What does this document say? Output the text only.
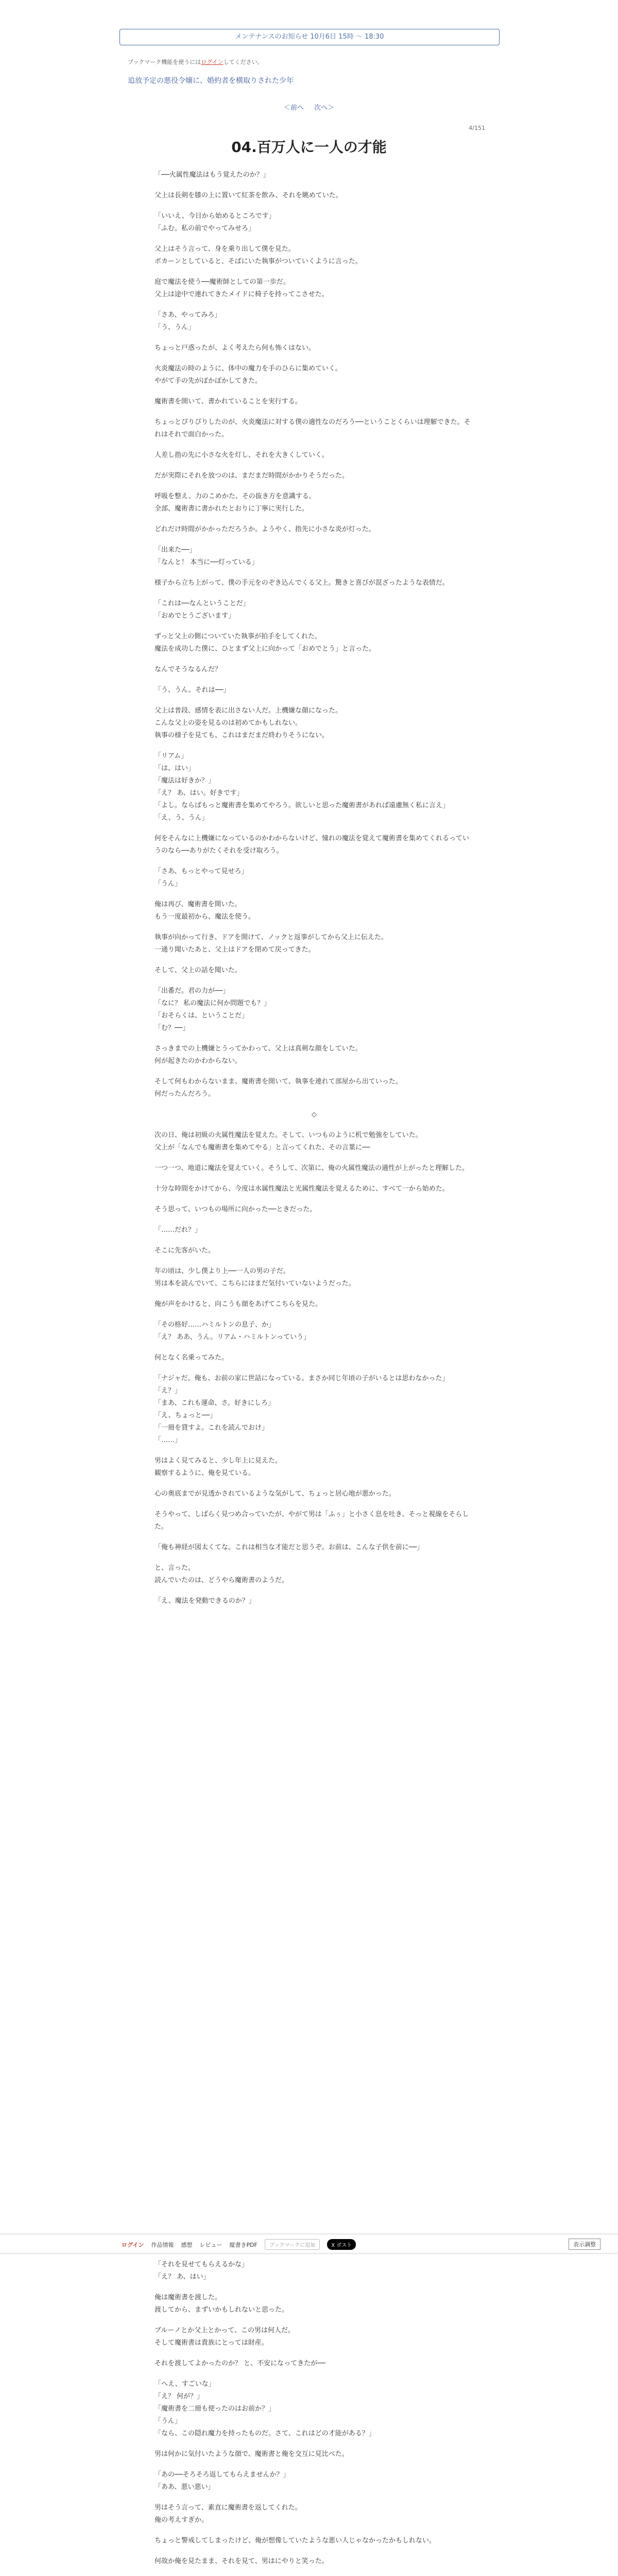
メンテナンスのお知らせ 10月6日 15時 ～ 18:30
ブックマーク機能を使うにはログインしてください。
追放予定の悪役令嬢に、婚約者を横取りされた少年
＜前へ 次へ＞
4/151
04.百万人に一人の才能

「──火属性魔法はもう覚えたのか？」

父上は長剣を膝の上に置いて紅茶を飲み、それを眺めていた。

「いいえ、今日から始めるところです」
「ふむ。私の前でやってみせろ」

父上はそう言って、身を乗り出して僕を見た。
ボカーンとしていると、そばにいた執事がついていくように言った。

庭で魔法を使う──魔術師としての第一歩だ。
父上は途中で連れてきたメイドに椅子を持ってこさせた。

「さあ、やってみろ」
「う、うん」

ちょっと戸惑ったが、よく考えたら何も怖くはない。

火炎魔法の時のように、体中の魔力を手のひらに集めていく。
やがて手の先がぽかぽかしてきた。

魔術書を開いて、書かれていることを実行する。

ちょっとぴりぴりしたのが、火炎魔法に対する僕の適性なのだろう──ということくらいは理解できた。それはそれで面白かった。

人差し指の先に小さな火を灯し、それを大きくしていく。

だが実際にそれを放つのは、まだまだ時間がかかりそうだった。

呼吸を整え、力のこめかた、その抜き方を意識する。
全部、魔術書に書かれたとおりに丁寧に実行した。

どれだけ時間がかかっただろうか。ようやく、指先に小さな炎が灯った。

「出来た──」
「なんと！ 本当に──灯っている」

様子から立ち上がって、僕の手元をのぞき込んでくる父上。驚きと喜びが混ざったような表情だ。

「これは──なんということだ」
「おめでとうございます」

ずっと父上の側についていた執事が拍手をしてくれた。
魔法を成功した僕に、ひとまず父上に向かって「おめでとう」と言った。

なんでそうなるんだ？

「う、うん。それは──」

父上は普段、感情を表に出さない人だ。上機嫌な顔になった。
こんな父上の姿を見るのは初めてかもしれない。
執事の様子を見ても、これはまだまだ終わりそうにない。

「リアム」
「は、はい」
「魔法は好きか？」
「え？ あ、はい。好きです」
「よし。ならばもっと魔術書を集めてやろう。欲しいと思った魔術書があれば遠慮無く私に言え」
「え、う、うん」

何をそんなに上機嫌になっているのかわからないけど、憧れの魔法を覚えて魔術書を集めてくれるっていうのなら──ありがたくそれを受け取ろう。

「さあ、もっとやって見せろ」
「うん」

俺は再び、魔術書を開いた。
もう一度最初から、魔法を使う。

執事が向かって行き、ドアを開けて、ノックと返事がしてから父上に伝えた。
一通り聞いたあと、父上はドアを閉めて戻ってきた。

そして、父上の話を聞いた。

「出番だ。君の力が──」
「なに？ 私の魔法に何か問題でも？」
「おそらくは、ということだ」
「む？──」

さっきまでの上機嫌とうってかわって、父上は真剣な顔をしていた。
何が起きたのかわからない。

そして何もわからないまま、魔術書を開いて、執事を連れて部屋から出ていった。
何だったんだろう。

◇

次の日、俺は初級の火属性魔法を覚えた。そして、いつものように机で勉強をしていた。
父上が「なんでも魔術書を集めてやる」と言ってくれた、その言葉に──

一つ一つ、地道に魔法を覚えていく。そうして、次第に、俺の火属性魔法の適性が上がったと理解した。

十分な時間をかけてから、今度は水属性魔法と光属性魔法を覚えるために、すべて一から始めた。

そう思って、いつもの場所に向かった──ときだった。

「……だれ？」

そこに先客がいた。

年の頃は、少し僕より上──一人の男の子だ。
男は本を読んでいて、こちらにはまだ気付いていないようだった。

俺が声をかけると、向こうも顔をあげてこちらを見た。

「その格好……ハミルトンの息子、か」
「え？ ああ、うん。リアム・ハミルトンっていう」

何となく名乗ってみた。

「ナジャだ。俺も、お前の家に世話になっている。まさか同じ年頃の子がいるとは思わなかった」
「え？」
「まあ、これも運命、さ。好きにしろ」
「え、ちょっと──」
「一冊を貸すよ。これを読んでおけ」
「……」

男はよく見てみると、少し年上に見えた。
観察するように、俺を見ている。

心の奥底までが見透かされているような気がして、ちょっと居心地が悪かった。

そうやって、しばらく見つめ合っていたが、やがて男は「ふぅ」と小さく息を吐き、そっと視線をそらした。

「俺も神経が図太くてな。これは相当な才能だと思うぞ。お前は、こんな子供を前に──」

と、言った。
読んでいたのは、どうやら魔術書のようだ。

「え、魔法を発動できるのか？」

ログイン 作品情報 感想 レビュー 縦書きPDF	ブックマークに追加	X ポスト	表示調整

「それを見せてもらえるかな」
「え？ あ、はい」

俺は魔術書を渡した。
渡してから、まずいかもしれないと思った。

ブルーノとか父上とかって、この男は何人だ。
そして魔術書は貴族にとっては財産。

それを渡してよかったのか？ と、不安になってきたが──

「へえ、すごいな」
「え？ 何が？」
「魔術書を二冊も使ったのはお前か？」
「うん」
「なら、この隠れ魔力を持ったものだ。さて、これはどの才能がある？」

男は何かに気付いたような顔で、魔術書と俺を交互に見比べた。

「あの──そろそろ返してもらえませんか？」
「ああ、悪い悪い」

男はそう言って、素直に魔術書を返してくれた。
俺の考えすぎか。

ちょっと警戒してしまったけど、俺が想像していたような悪い人じゃなかったかもしれない。

何故か俺を見たまま、それを見て、男はにやりと笑った。
